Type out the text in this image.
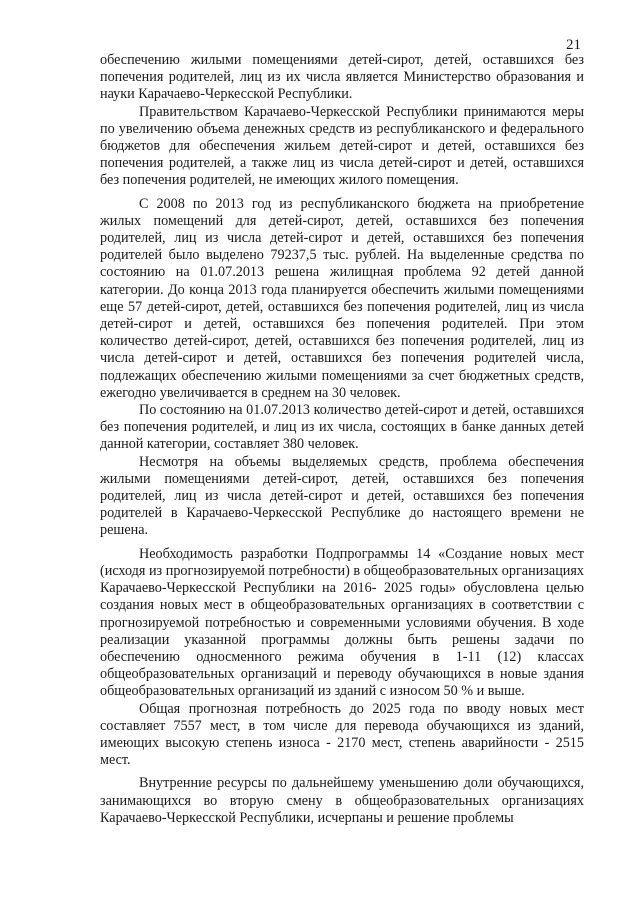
21

обеспечению жилыми помещениями детей-сирот, детей, оставшихся без попечения родителей, лиц из их числа является Министерство образования и науки Карачаево-Черкесской Республики.

Правительством Карачаево-Черкесской Республики принимаются меры по увеличению объема денежных средств из республиканского и федерального бюджетов для обеспечения жильем детей-сирот и детей, оставшихся без попечения родителей, а также лиц из числа детей-сирот и детей, оставшихся без попечения родителей, не имеющих жилого помещения.

С 2008 по 2013 год из республиканского бюджета на приобретение жилых помещений для детей-сирот, детей, оставшихся без попечения родителей, лиц из числа детей-сирот и детей, оставшихся без попечения родителей было выделено 79237,5 тыс. рублей. На выделенные средства по состоянию на 01.07.2013 решена жилищная проблема 92 детей данной категории. До конца 2013 года планируется обеспечить жилыми помещениями еще 57 детей-сирот, детей, оставшихся без попечения родителей, лиц из числа детей-сирот и детей, оставшихся без попечения родителей. При этом количество детей-сирот, детей, оставшихся без попечения родителей, лиц из числа детей-сирот и детей, оставшихся без попечения родителей числа, подлежащих обеспечению жилыми помещениями за счет бюджетных средств, ежегодно увеличивается в среднем на 30 человек.

По состоянию на 01.07.2013 количество детей-сирот и детей, оставшихся без попечения родителей, и лиц из их числа, состоящих в банке данных детей данной категории, составляет 380 человек.

Несмотря на объемы выделяемых средств, проблема обеспечения жилыми помещениями детей-сирот, детей, оставшихся без попечения родителей, лиц из числа детей-сирот и детей, оставшихся без попечения родителей в Карачаево-Черкесской Республике до настоящего времени не решена.

Необходимость разработки Подпрограммы 14 «Создание новых мест (исходя из прогнозируемой потребности) в общеобразовательных организациях Карачаево-Черкесской Республики на 2016- 2025 годы» обусловлена целью создания новых мест в общеобразовательных организациях в соответствии с прогнозируемой потребностью и современными условиями обучения. В ходе реализации указанной программы должны быть решены задачи по обеспечению односменного режима обучения в 1-11 (12) классах общеобразовательных организаций и переводу обучающихся в новые здания общеобразовательных организаций из зданий с износом 50 % и выше.

Общая прогнозная потребность до 2025 года по вводу новых мест составляет 7557 мест, в том числе для перевода обучающихся из зданий, имеющих высокую степень износа - 2170 мест, степень аварийности - 2515 мест.

Внутренние ресурсы по дальнейшему уменьшению доли обучающихся, занимающихся во вторую смену в общеобразовательных организациях Карачаево-Черкесской Республики, исчерпаны и решение проблемы
